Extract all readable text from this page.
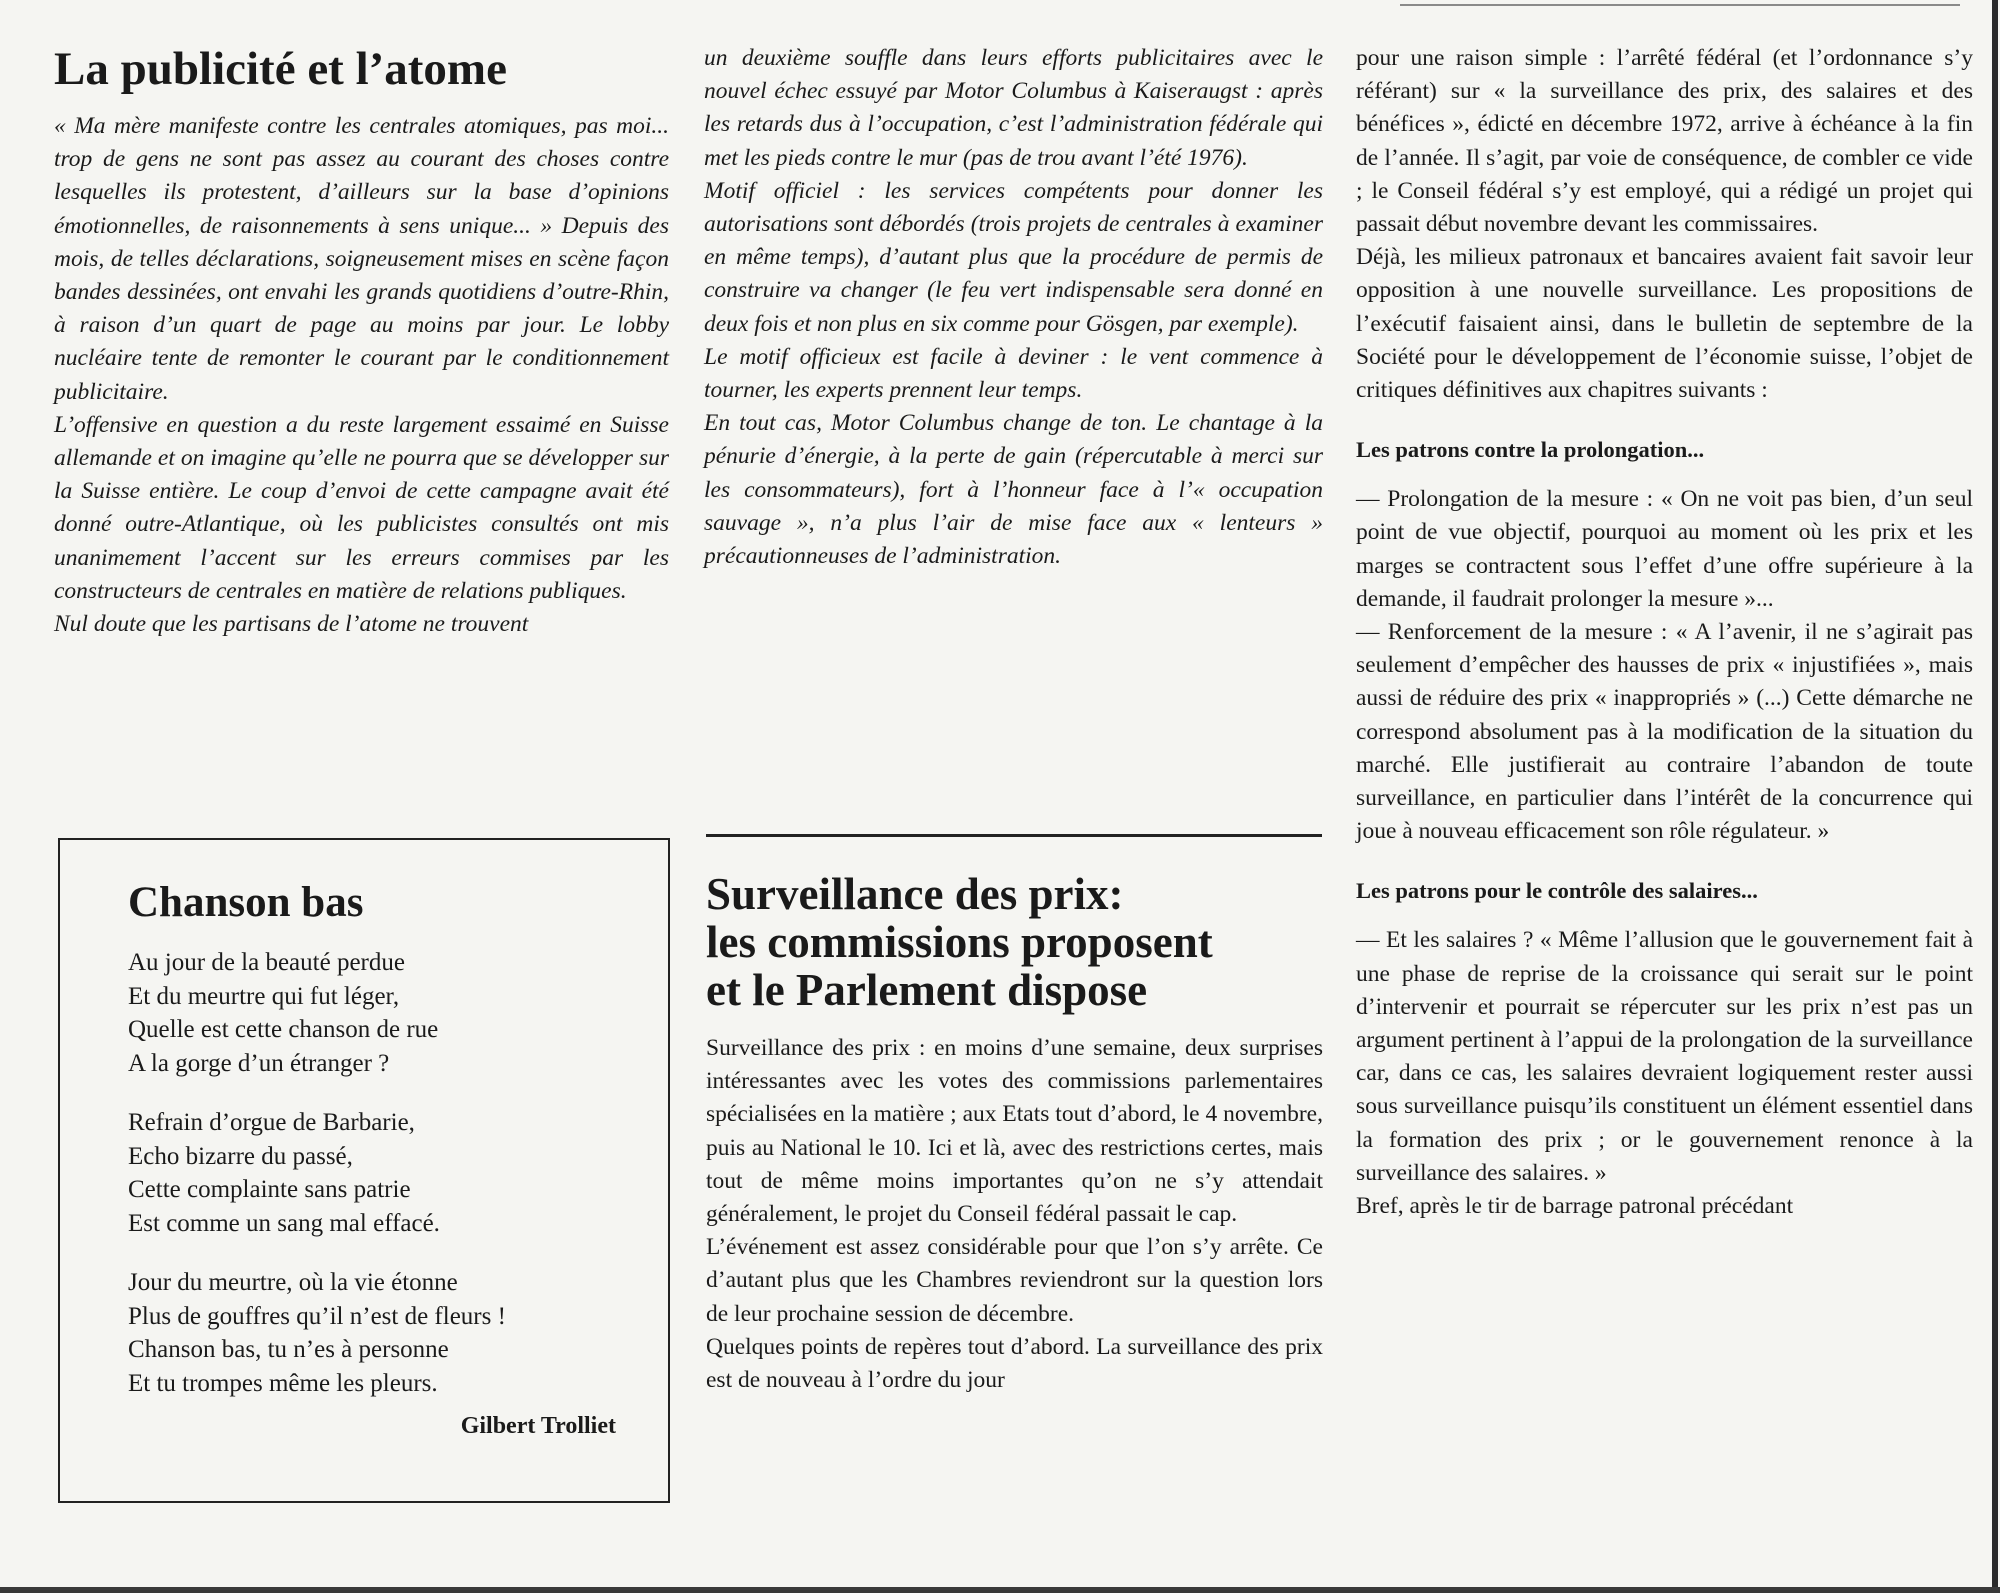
La publicité et l’atome

« Ma mère manifeste contre les centrales atomiques, pas moi... trop de gens ne sont pas assez au courant des choses contre lesquelles ils protestent, d’ailleurs sur la base d’opinions émotionnelles, de raisonnements à sens unique... » Depuis des mois, de telles déclarations, soigneusement mises en scène façon bandes dessinées, ont envahi les grands quotidiens d’outre-Rhin, à raison d’un quart de page au moins par jour. Le lobby nucléaire tente de remonter le courant par le conditionnement publicitaire.

L’offensive en question a du reste largement essaimé en Suisse allemande et on imagine qu’elle ne pourra que se développer sur la Suisse entière. Le coup d’envoi de cette campagne avait été donné outre-Atlantique, où les publicistes consultés ont mis unanimement l’accent sur les erreurs commises par les constructeurs de centrales en matière de relations publiques.

Nul doute que les partisans de l’atome ne trouvent

Chanson bas
Au jour de la beauté perdue
Et du meurtre qui fut léger,
Quelle est cette chanson de rue
A la gorge d’un étranger ?
Refrain d’orgue de Barbarie,
Echo bizarre du passé,
Cette complainte sans patrie
Est comme un sang mal effacé.
Jour du meurtre, où la vie étonne
Plus de gouffres qu’il n’est de fleurs !
Chanson bas, tu n’es à personne
Et tu trompes même les pleurs.
Gilbert Trolliet

un deuxième souffle dans leurs efforts publicitaires avec le nouvel échec essuyé par Motor Columbus à Kaiseraugst : après les retards dus à l’occupation, c’est l’administration fédérale qui met les pieds contre le mur (pas de trou avant l’été 1976).

Motif officiel : les services compétents pour donner les autorisations sont débordés (trois projets de centrales à examiner en même temps), d’autant plus que la procédure de permis de construire va changer (le feu vert indispensable sera donné en deux fois et non plus en six comme pour Gösgen, par exemple).

Le motif officieux est facile à deviner : le vent commence à tourner, les experts prennent leur temps.

En tout cas, Motor Columbus change de ton. Le chantage à la pénurie d’énergie, à la perte de gain (répercutable à merci sur les consommateurs), fort à l’honneur face à l’« occupation sauvage », n’a plus l’air de mise face aux « lenteurs » précautionneuses de l’administration.

Surveillance des prix:
les commissions proposent
et le Parlement dispose

Surveillance des prix : en moins d’une semaine, deux surprises intéressantes avec les votes des commissions parlementaires spécialisées en la matière ; aux Etats tout d’abord, le 4 novembre, puis au National le 10. Ici et là, avec des restrictions certes, mais tout de même moins importantes qu’on ne s’y attendait généralement, le projet du Conseil fédéral passait le cap.

L’événement est assez considérable pour que l’on s’y arrête. Ce d’autant plus que les Chambres reviendront sur la question lors de leur prochaine session de décembre.

Quelques points de repères tout d’abord. La surveillance des prix est de nouveau à l’ordre du jour

pour une raison simple : l’arrêté fédéral (et l’ordonnance s’y référant) sur « la surveillance des prix, des salaires et des bénéfices », édicté en décembre 1972, arrive à échéance à la fin de l’année. Il s’agit, par voie de conséquence, de combler ce vide ; le Conseil fédéral s’y est employé, qui a rédigé un projet qui passait début novembre devant les commissaires.

Déjà, les milieux patronaux et bancaires avaient fait savoir leur opposition à une nouvelle surveillance. Les propositions de l’exécutif faisaient ainsi, dans le bulletin de septembre de la Société pour le développement de l’économie suisse, l’objet de critiques définitives aux chapitres suivants :

Les patrons contre la prolongation...

— Prolongation de la mesure : « On ne voit pas bien, d’un seul point de vue objectif, pourquoi au moment où les prix et les marges se contractent sous l’effet d’une offre supérieure à la demande, il faudrait prolonger la mesure »...

— Renforcement de la mesure : « A l’avenir, il ne s’agirait pas seulement d’empêcher des hausses de prix « injustifiées », mais aussi de réduire des prix « inappropriés » (...) Cette démarche ne correspond absolument pas à la modification de la situation du marché. Elle justifierait au contraire l’abandon de toute surveillance, en particulier dans l’intérêt de la concurrence qui joue à nouveau efficacement son rôle régulateur. »

Les patrons pour le contrôle des salaires...

— Et les salaires ? « Même l’allusion que le gouvernement fait à une phase de reprise de la croissance qui serait sur le point d’intervenir et pourrait se répercuter sur les prix n’est pas un argument pertinent à l’appui de la prolongation de la surveillance car, dans ce cas, les salaires devraient logiquement rester aussi sous surveillance puisqu’ils constituent un élément essentiel dans la formation des prix ; or le gouvernement renonce à la surveillance des salaires. »

Bref, après le tir de barrage patronal précédant
